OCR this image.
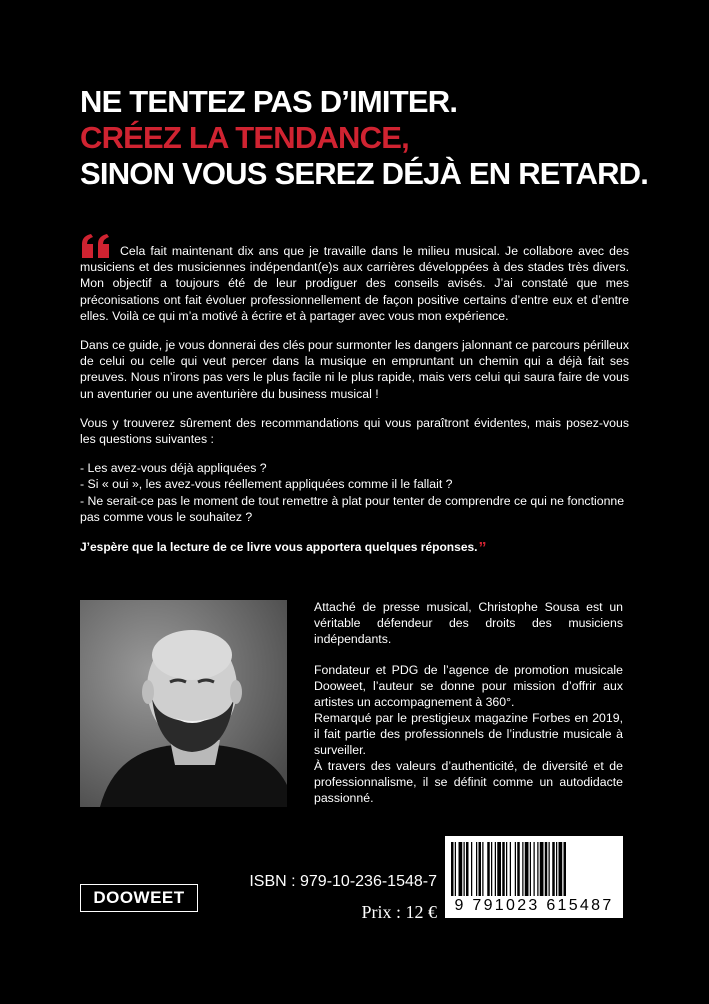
NE TENTEZ PAS D’IMITER.
CRÉEZ LA TENDANCE,
SINON VOUS SEREZ DÉJÀ EN RETARD.

Cela fait maintenant dix ans que je travaille dans le milieu musical. Je collabore avec des musiciens et des musiciennes indépendant(e)s aux carrières développées à des stades très divers. Mon objectif a toujours été de leur prodiguer des conseils avisés. J’ai constaté que mes préconisations ont fait évoluer professionnellement de façon positive certains d’entre eux et d’entre elles. Voilà ce qui m’a motivé à écrire et à partager avec vous mon expérience.

Dans ce guide, je vous donnerai des clés pour surmonter les dangers jalonnant ce parcours périlleux de celui ou celle qui veut percer dans la musique en empruntant un chemin qui a déjà fait ses preuves. Nous n’irons pas vers le plus facile ni le plus rapide, mais vers celui qui saura faire de vous un aventurier ou une aventurière du business musical !

Vous y trouverez sûrement des recommandations qui vous paraîtront évidentes, mais posez-vous les questions suivantes :

- Les avez-vous déjà appliquées ?

- Si « oui », les avez-vous réellement appliquées comme il le fallait ?

- Ne serait-ce pas le moment de tout remettre à plat pour tenter de comprendre ce qui ne fonctionne pas comme vous le souhaitez ?

J’espère que la lecture de ce livre vous apportera quelques réponses.”

Attaché de presse musical, Christophe Sousa est un véritable défendeur des droits des musiciens indépendants.

Fondateur et PDG de l’agence de promotion musicale Dooweet, l’auteur se donne pour mission d’offrir aux artistes un accompagnement à 360°.

Remarqué par le prestigieux magazine Forbes en 2019, il fait partie des professionnels de l’industrie musicale à surveiller.

À travers des valeurs d’authenticité, de diversité et de professionnalisme, il se définit comme un autodidacte passionné.

DOOWEET
ISBN : 979-10-236-1548-7
Prix : 12 €	9 791023 615487
